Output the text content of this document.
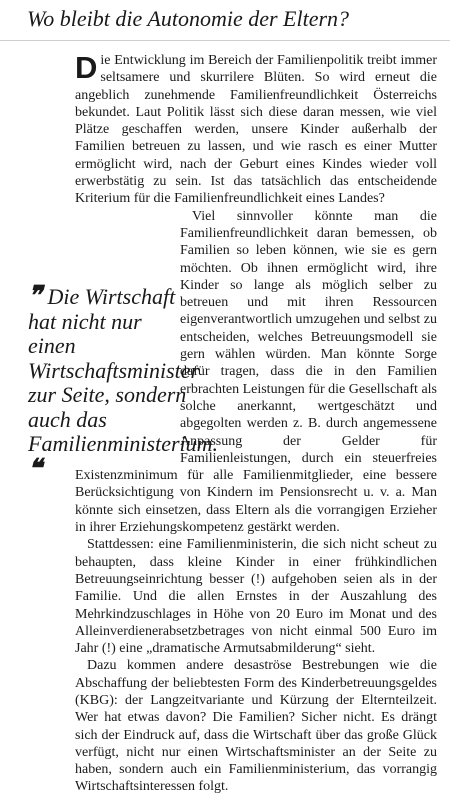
Wo bleibt die Autonomie der Eltern?

Die Entwicklung im Bereich der Familienpolitik treibt immer seltsamere und skurrilere Blüten. So wird erneut die angeblich zunehmende Familienfreundlichkeit Österreichs bekundet. Laut Politik lässt sich diese daran messen, wie viel Plätze geschaffen werden, unsere Kinder außerhalb der Familien betreuen zu lassen, und wie rasch es einer Mutter ermöglicht wird, nach der Geburt eines Kindes wieder voll erwerbstätig zu sein. Ist das tatsächlich das entscheidende Kriterium für die Familienfreundlichkeit eines Landes?

Viel sinnvoller könnte man die Familienfreundlichkeit daran bemessen, ob Familien so leben können, wie sie es gern möchten. Ob ihnen ermöglicht wird, ihre Kinder so lange als möglich selber zu betreuen und mit ihren Ressourcen eigenverantwortlich umzugehen und selbst zu entscheiden, welches Betreuungsmodell sie gern wählen würden. Man könnte Sorge dafür tragen, dass die in den Familien erbrachten Leistungen für die Gesellschaft als solche anerkannt, wertgeschätzt und abgegolten werden z. B. durch angemessene Anpassung der Gelder für Familienleistungen, durch ein steuerfreies Existenzminimum für alle Familienmitglieder, eine bessere Berücksichtigung von Kindern im Pensionsrecht u. v. a. Man könnte sich einsetzen, dass Eltern als die vorrangigen Erzieher in ihrer Erziehungskompetenz gestärkt werden.

Stattdessen: eine Familienministerin, die sich nicht scheut zu behaupten, dass kleine Kinder in einer frühkindlichen Betreuungseinrichtung besser (!) aufgehoben seien als in der Familie. Und die allen Ernstes in der Auszahlung des Mehrkindzuschlages in Höhe von 20 Euro im Monat und des Alleinverdienerabsetzbetrages von nicht einmal 500 Euro im Jahr (!) eine „dramatische Armutsabmilderung“ sieht.

Dazu kommen andere desaströse Bestrebungen wie die Abschaffung der beliebtesten Form des Kinderbetreuungsgeldes (KBG): der Langzeitvariante und Kürzung der Elternteilzeit. Wer hat etwas davon? Die Familien? Sicher nicht. Es drängt sich der Eindruck auf, dass die Wirtschaft über das große Glück verfügt, nicht nur einen Wirtschaftsminister an der Seite zu haben, sondern auch ein Familienministerium, das vorrangig Wirtschaftsinteressen folgt.

❞ Die Wirtschaft hat nicht nur einen Wirtschaftsminister zur Seite, sondern auch das Familienministerium. ❝
